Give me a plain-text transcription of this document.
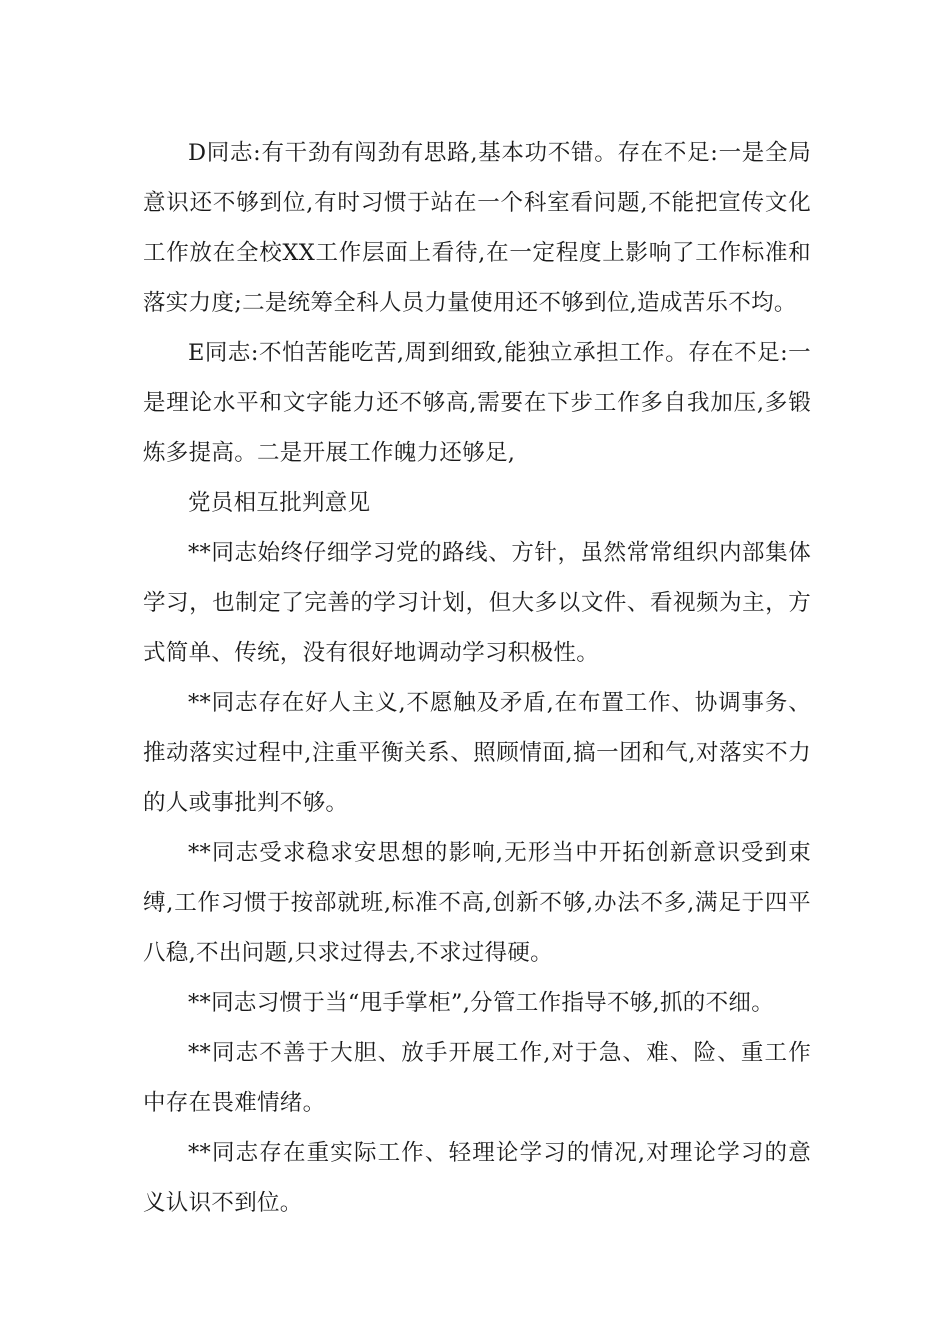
D同志:有干劲有闯劲有思路,基本功不错。存在不足:一是全局意识还不够到位,有时习惯于站在一个科室看问题,不能把宣传文化工作放在全校XX工作层面上看待,在一定程度上影响了工作标准和落实力度;二是统筹全科人员力量使用还不够到位,造成苦乐不均。

E同志:不怕苦能吃苦,周到细致,能独立承担工作。存在不足:一是理论水平和文字能力还不够高,需要在下步工作多自我加压,多锻炼多提高。二是开展工作魄力还够足,

党员相互批判意见

**同志始终仔细学习党的路线、方针，虽然常常组织内部集体学习，也制定了完善的学习计划，但大多以文件、看视频为主，方式简单、传统，没有很好地调动学习积极性。

**同志存在好人主义,不愿触及矛盾,在布置工作、协调事务、推动落实过程中,注重平衡关系、照顾情面,搞一团和气,对落实不力的人或事批判不够。

**同志受求稳求安思想的影响,无形当中开拓创新意识受到束缚,工作习惯于按部就班,标准不高,创新不够,办法不多,满足于四平八稳,不出问题,只求过得去,不求过得硬。

**同志习惯于当“甩手掌柜”,分管工作指导不够,抓的不细。

**同志不善于大胆、放手开展工作,对于急、难、险、重工作中存在畏难情绪。

**同志存在重实际工作、轻理论学习的情况,对理论学习的意义认识不到位。
